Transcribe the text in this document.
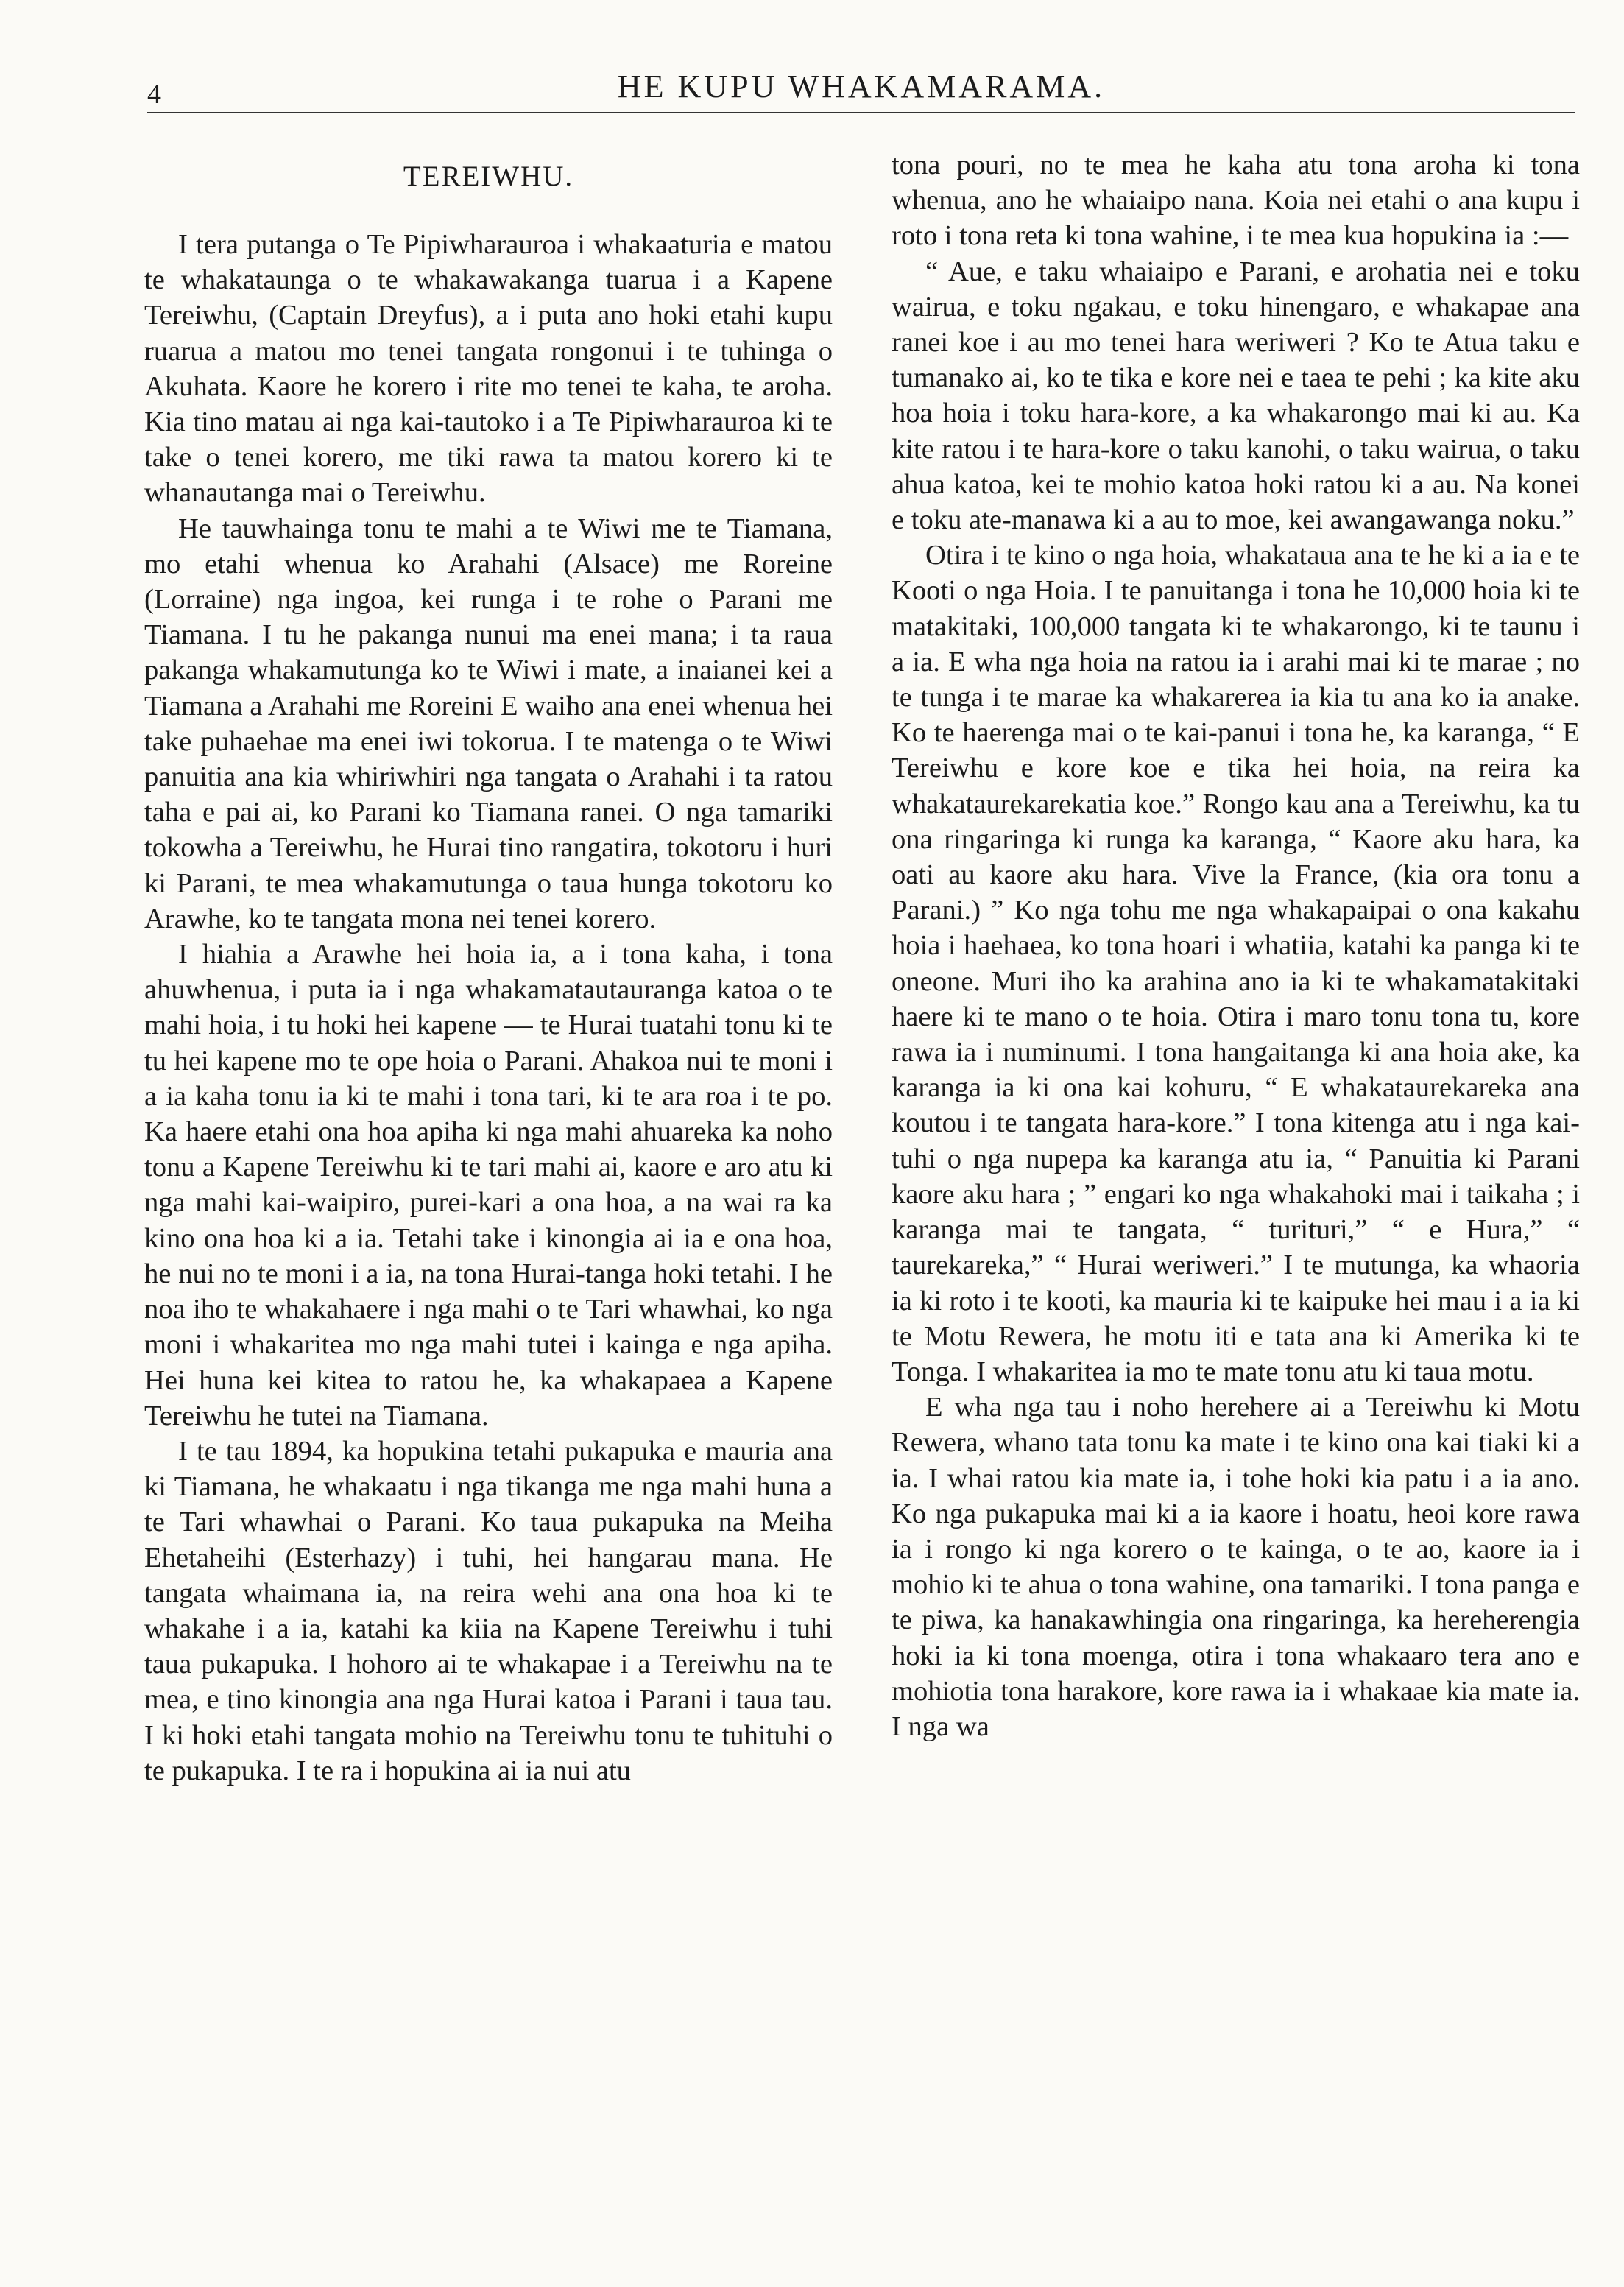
4	HE KUPU WHAKAMARAMA.
TEREIWHU.

I tera putanga o Te Pipiwharauroa i whakaaturia e matou te whakataunga o te whakawakanga tuarua i a Kapene Tereiwhu, (Captain Dreyfus), a i puta ano hoki etahi kupu ruarua a matou mo tenei tangata rongonui i te tuhinga o Akuhata. Kaore he korero i rite mo tenei te kaha, te aroha. Kia tino matau ai nga kai-tautoko i a Te Pipiwharauroa ki te take o tenei korero, me tiki rawa ta matou korero ki te whanautanga mai o Tereiwhu.

He tauwhainga tonu te mahi a te Wiwi me te Tiamana, mo etahi whenua ko Arahahi (Alsace) me Roreine (Lorraine) nga ingoa, kei runga i te rohe o Parani me Tiamana. I tu he pakanga nunui ma enei mana; i ta raua pakanga whakamutunga ko te Wiwi i mate, a inaianei kei a Tiamana a Arahahi me Roreini E waiho ana enei whenua hei take puhaehae ma enei iwi tokorua. I te matenga o te Wiwi panuitia ana kia whiriwhiri nga tangata o Arahahi i ta ratou taha e pai ai, ko Parani ko Tiamana ranei. O nga tamariki tokowha a Tereiwhu, he Hurai tino rangatira, tokotoru i huri ki Parani, te mea whakamutunga o taua hunga tokotoru ko Arawhe, ko te tangata mona nei tenei korero.

I hiahia a Arawhe hei hoia ia, a i tona kaha, i tona ahuwhenua, i puta ia i nga whakamatautauranga katoa o te mahi hoia, i tu hoki hei kapene — te Hurai tuatahi tonu ki te tu hei kapene mo te ope hoia o Parani. Ahakoa nui te moni i a ia kaha tonu ia ki te mahi i tona tari, ki te ara roa i te po. Ka haere etahi ona hoa apiha ki nga mahi ahuareka ka noho tonu a Kapene Tereiwhu ki te tari mahi ai, kaore e aro atu ki nga mahi kai-waipiro, purei-kari a ona hoa, a na wai ra ka kino ona hoa ki a ia. Tetahi take i kinongia ai ia e ona hoa, he nui no te moni i a ia, na tona Hurai-tanga hoki tetahi. I he noa iho te whakahaere i nga mahi o te Tari whawhai, ko nga moni i whakaritea mo nga mahi tutei i kainga e nga apiha. Hei huna kei kitea to ratou he, ka whakapaea a Kapene Tereiwhu he tutei na Tiamana.

I te tau 1894, ka hopukina tetahi pukapuka e mauria ana ki Tiamana, he whakaatu i nga tikanga me nga mahi huna a te Tari whawhai o Parani. Ko taua pukapuka na Meiha Ehetaheihi (Esterhazy) i tuhi, hei hangarau mana. He tangata whaimana ia, na reira wehi ana ona hoa ki te whakahe i a ia, katahi ka kiia na Kapene Tereiwhu i tuhi taua pukapuka. I hohoro ai te whakapae i a Tereiwhu na te mea, e tino kinongia ana nga Hurai katoa i Parani i taua tau. I ki hoki etahi tangata mohio na Tereiwhu tonu te tuhituhi o te pukapuka. I te ra i hopukina ai ia nui atu

tona pouri, no te mea he kaha atu tona aroha ki tona whenua, ano he whaiaipo nana. Koia nei etahi o ana kupu i roto i tona reta ki tona wahine, i te mea kua hopukina ia :—

“ Aue, e taku whaiaipo e Parani, e arohatia nei e toku wairua, e toku ngakau, e toku hinengaro, e whakapae ana ranei koe i au mo tenei hara weriweri ? Ko te Atua taku e tumanako ai, ko te tika e kore nei e taea te pehi ; ka kite aku hoa hoia i toku hara-kore, a ka whakarongo mai ki au. Ka kite ratou i te hara-kore o taku kanohi, o taku wairua, o taku ahua katoa, kei te mohio katoa hoki ratou ki a au. Na konei e toku ate-manawa ki a au to moe, kei awangawanga noku.”

Otira i te kino o nga hoia, whakataua ana te he ki a ia e te Kooti o nga Hoia. I te panuitanga i tona he 10,000 hoia ki te matakitaki, 100,000 tangata ki te whakarongo, ki te taunu i a ia. E wha nga hoia na ratou ia i arahi mai ki te marae ; no te tunga i te marae ka whakarerea ia kia tu ana ko ia anake. Ko te haerenga mai o te kai-panui i tona he, ka karanga, “ E Tereiwhu e kore koe e tika hei hoia, na reira ka whakataurekarekatia koe.” Rongo kau ana a Tereiwhu, ka tu ona ringaringa ki runga ka karanga, “ Kaore aku hara, ka oati au kaore aku hara. Vive la France, (kia ora tonu a Parani.) ” Ko nga tohu me nga whakapaipai o ona kakahu hoia i haehaea, ko tona hoari i whatiia, katahi ka panga ki te oneone. Muri iho ka arahina ano ia ki te whakamatakitaki haere ki te mano o te hoia. Otira i maro tonu tona tu, kore rawa ia i numinumi. I tona hangaitanga ki ana hoia ake, ka karanga ia ki ona kai kohuru, “ E whakataurekareka ana koutou i te tangata hara-kore.” I tona kitenga atu i nga kai-tuhi o nga nupepa ka karanga atu ia, “ Panuitia ki Parani kaore aku hara ; ” engari ko nga whakahoki mai i taikaha ; i karanga mai te tangata, “ turituri,” “ e Hura,” “ taurekareka,” “ Hurai weriweri.” I te mutunga, ka whaoria ia ki roto i te kooti, ka mauria ki te kaipuke hei mau i a ia ki te Motu Rewera, he motu iti e tata ana ki Amerika ki te Tonga. I whakaritea ia mo te mate tonu atu ki taua motu.

E wha nga tau i noho herehere ai a Tereiwhu ki Motu Rewera, whano tata tonu ka mate i te kino ona kai tiaki ki a ia. I whai ratou kia mate ia, i tohe hoki kia patu i a ia ano. Ko nga pukapuka mai ki a ia kaore i hoatu, heoi kore rawa ia i rongo ki nga korero o te kainga, o te ao, kaore ia i mohio ki te ahua o tona wahine, ona tamariki. I tona panga e te piwa, ka hanakawhingia ona ringaringa, ka hereherengia hoki ia ki tona moenga, otira i tona whakaaro tera ano e mohiotia tona harakore, kore rawa ia i whakaae kia mate ia. I nga wa
